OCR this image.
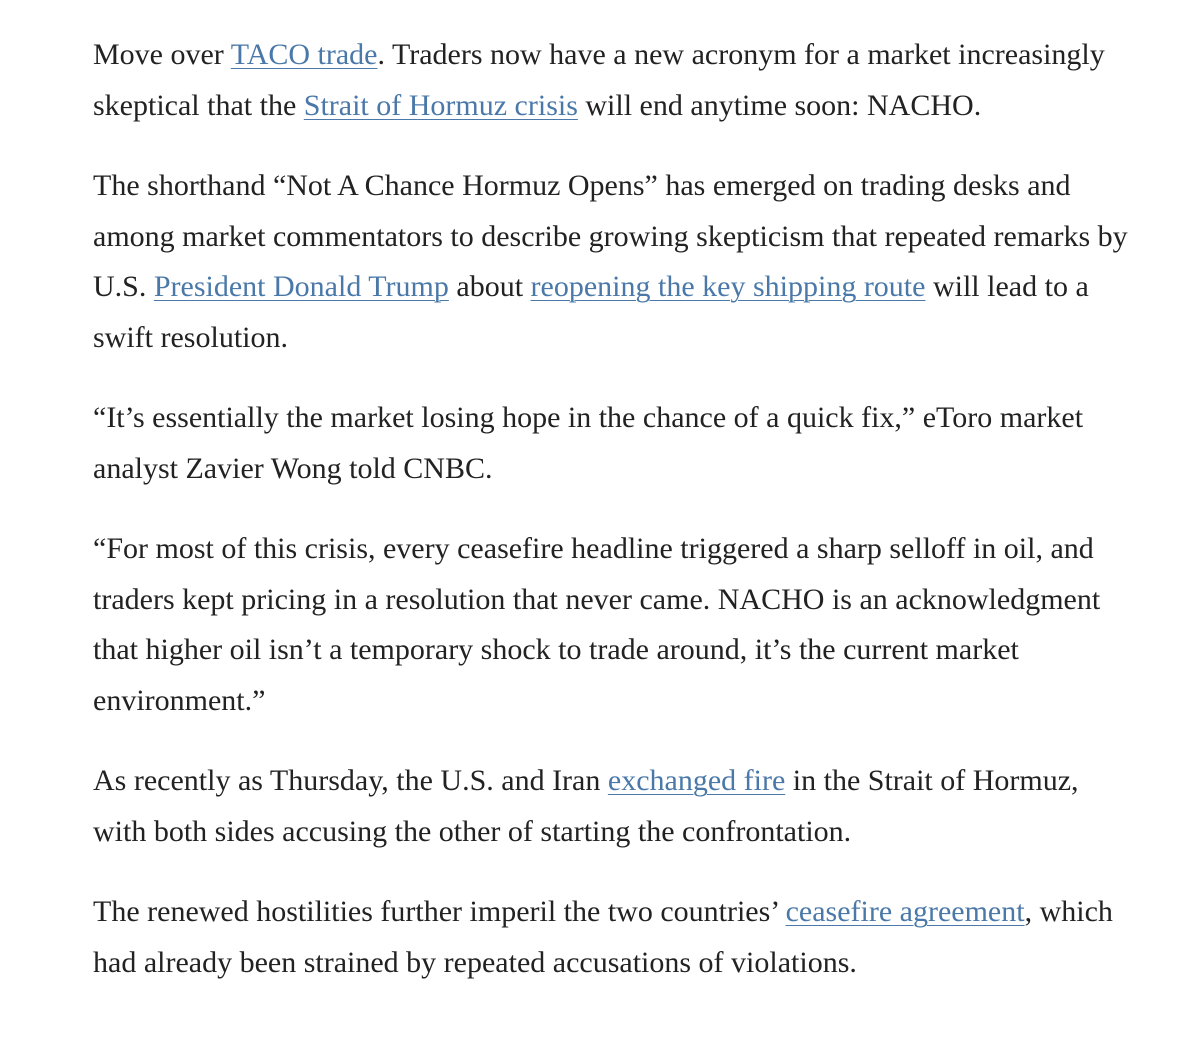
Move over TACO trade. Traders now have a new acronym for a market increasingly skeptical that the Strait of Hormuz crisis will end anytime soon: NACHO.

The shorthand “Not A Chance Hormuz Opens” has emerged on trading desks and among market commentators to describe growing skepticism that repeated remarks by U.S. President Donald Trump about reopening the key shipping route will lead to a swift resolution.

“It’s essentially the market losing hope in the chance of a quick fix,” eToro market analyst Zavier Wong told CNBC.

“For most of this crisis, every ceasefire headline triggered a sharp selloff in oil, and traders kept pricing in a resolution that never came. NACHO is an acknowledgment that higher oil isn’t a temporary shock to trade around, it’s the current market environment.”

As recently as Thursday, the U.S. and Iran exchanged fire in the Strait of Hormuz, with both sides accusing the other of starting the confrontation.

The renewed hostilities further imperil the two countries’ ceasefire agreement, which had already been strained by repeated accusations of violations.
